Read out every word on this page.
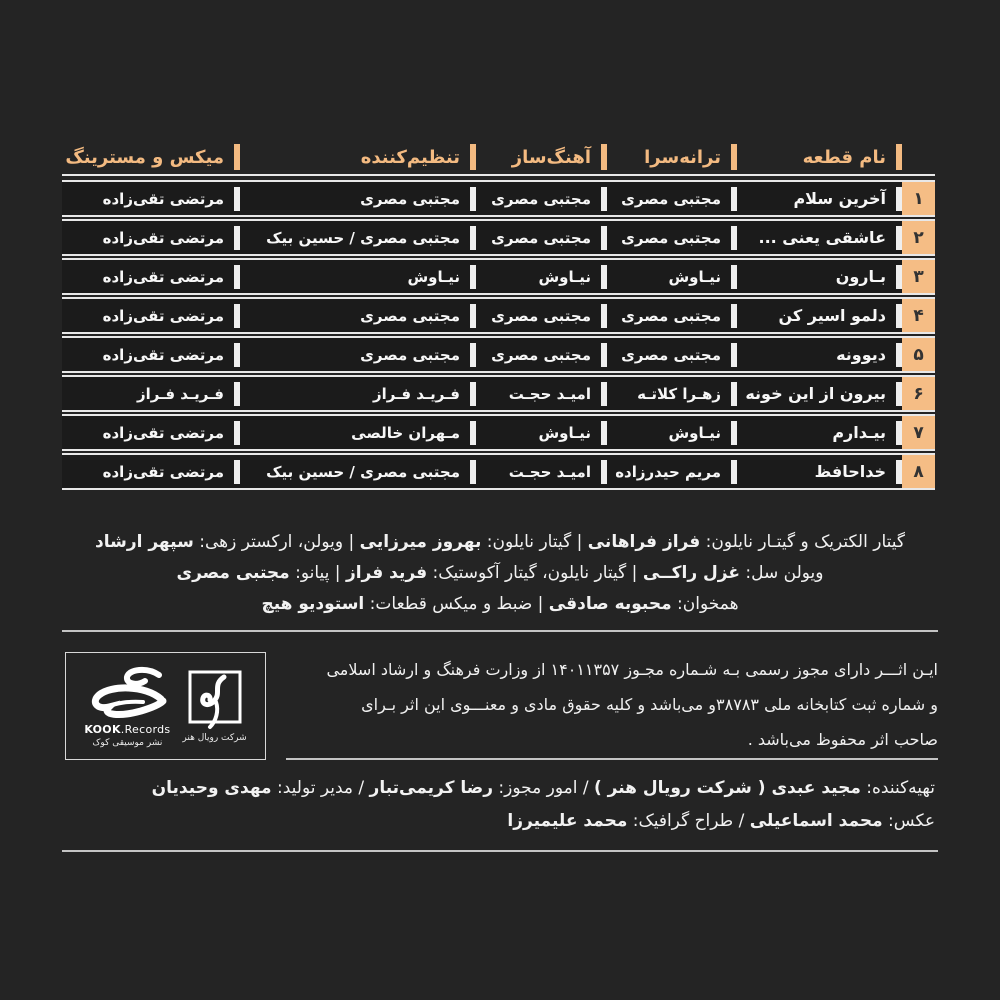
نام قطعه
ترانه‌سرا
آهنگ‌ساز
تنظیم‌کننده
میکس و مسترینگ
۱
آخرین سلام
مجتبی مصری
مجتبی مصری
مجتبی مصری
مرتضی تقی‌زاده
۲
عاشقی یعنی ...
مجتبی مصری
مجتبی مصری
مجتبی مصری / حسین بیک
مرتضی تقی‌زاده
۳
بـارون
نیـاوش
نیـاوش
نیـاوش
مرتضی تقی‌زاده
۴
دلمو اسیر کن
مجتبی مصری
مجتبی مصری
مجتبی مصری
مرتضی تقی‌زاده
۵
دیوونه
مجتبی مصری
مجتبی مصری
مجتبی مصری
مرتضی تقی‌زاده
۶
بیرون از این خونه
زهـرا کلاتـه
امیـد حجـت
فـریـد فـراز
فـریـد فـراز
۷
بیـدارم
نیـاوش
نیـاوش
مـهران خالصی
مرتضی تقی‌زاده
۸
خداحافظ
مریم حیدرزاده
امیـد حجـت
مجتبی مصری / حسین بیک
مرتضی تقی‌زاده
گیتار الکتریک و گیتـار نایلون: فراز فراهانی | گیتار نایلون: بهروز میرزایی | ویولن، ارکستر زهی: سپهر ارشاد
ویولن سل: غزل راکــی | گیتار نایلون، گیتار آکوستیک: فرید فراز | پیانو: مجتبی مصری
همخوان: محبوبه صادقی | ضبط و میکس قطعات: استودیو هیچ
KOOK.Records
نشر موسیقی کوک شرکت رویال هنر
ایـن اثـــر دارای مجوز رسمی بـه شـماره مجـوز ۱۴۰۱۱۳۵۷ از وزارت فرهنگ و ارشاد اسلامی
و شماره ثبت کتابخانه ملی ۳۸۷۸۳و می‌باشد و کلیه حقوق مادی و معنـــوی این اثر بـرای
صاحب اثر محفوظ می‌باشد .
تهیه‌کننده: مجید عبدی ( شرکت رویال هنر ) / امور مجوز: رضا کریمی‌تبار / مدیر تولید: مهدی وحیدیان
عکس: محمد اسماعیلی / طراح گرافیک: محمد علیمیرزا
